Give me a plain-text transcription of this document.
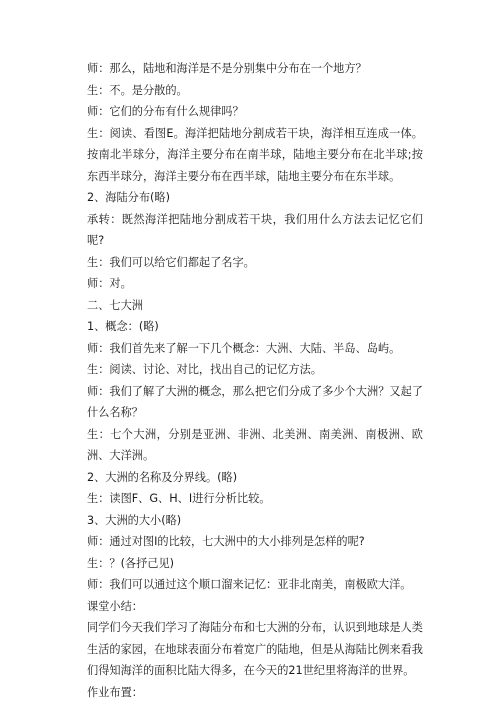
师：那么，陆地和海洋是不是分别集中分布在一个地方？

生：不。是分散的。

师：它们的分布有什么规律吗？

生：阅读、看图E。海洋把陆地分割成若干块，海洋相互连成一体。按南北半球分，海洋主要分布在南半球，陆地主要分布在北半球;按东西半球分，海洋主要分布在西半球，陆地主要分布在东半球。

2、海陆分布(略)

承转：既然海洋把陆地分割成若干块，我们用什么方法去记忆它们呢?

生：我们可以给它们都起了名字。

师：对。

二、七大洲

1、概念：(略)

师：我们首先来了解一下几个概念：大洲、大陆、半岛、岛屿。

生：阅读、讨论、对比，找出自己的记忆方法。

师：我们了解了大洲的概念，那么把它们分成了多少个大洲？又起了什么名称？

生：七个大洲，分别是亚洲、非洲、北美洲、南美洲、南极洲、欧洲、大洋洲。

2、大洲的名称及分界线。(略)

生：读图F、G、H、I进行分析比较。

3、大洲的大小(略)

师：通过对图I的比较，七大洲中的大小排列是怎样的呢?

生：？(各抒己见)

师：我们可以通过这个顺口溜来记忆：亚非北南美，南极欧大洋。

课堂小结：

同学们今天我们学习了海陆分布和七大洲的分布，认识到地球是人类生活的家园，在地球表面分布着宽广的陆地，但是从海陆比例来看我们得知海洋的面积比陆大得多，在今天的21世纪里将海洋的世界。

作业布置：
